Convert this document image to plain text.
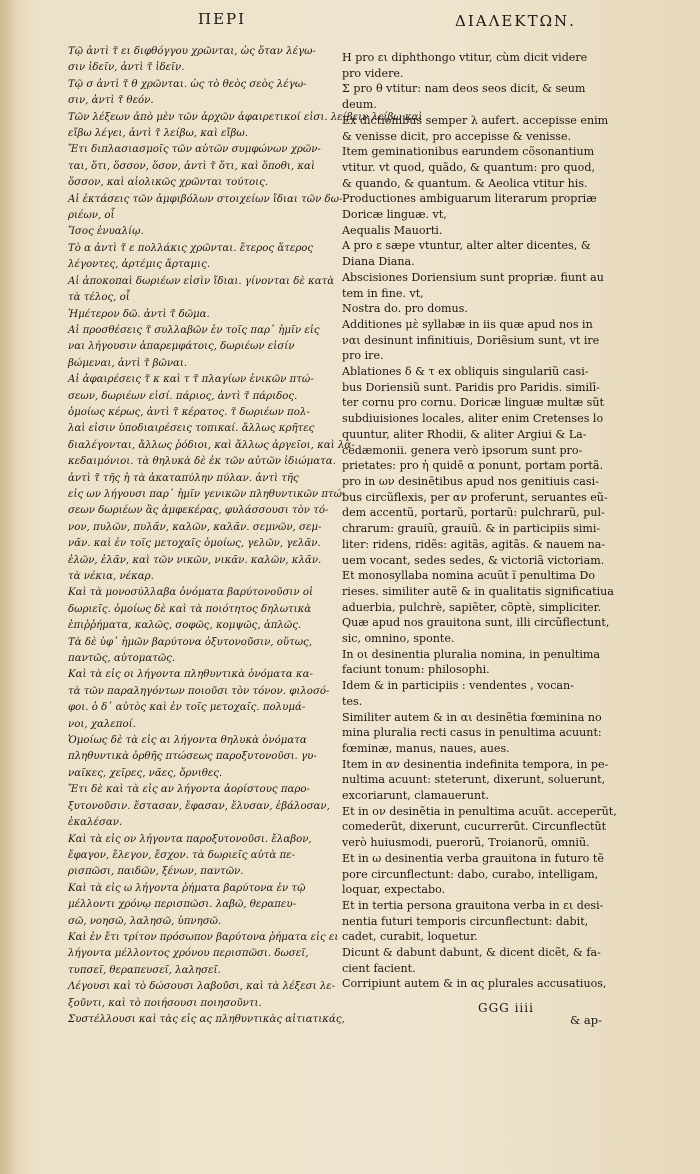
ΠΕΡΙ	ΔΙΑΛΕΚΤΩΝ.
Τῷ ἀντὶ τ̃ ει διφθόγγου χρῶνται, ὡς ὅταν λέγω-
σιν ἰδεῖν, ἀντὶ τ̃ ἰδεῖν.
Τῷ σ ἀντὶ τ̃ θ χρῶνται. ὡς τὸ θεὸς σεὸς λέγω-
σιν, ἀντὶ τ̃ θεόν.
Τῶν λέξεων ἀπὸ μὲν τῶν ἀρχῶν ἀφαιρετικοί εἰσι. λείβειν λείβω καὶ
εἴβω λέγει, ἀντὶ τ̃ λείβω, καὶ εἴβω.
Ἔτι διπλασιασμοῖς τῶν αὐτῶν συμφώνων χρῶν-
ται, ὅτι, ὅσσον, ὅσον, ἀντὶ τ̃ ὅτι, καὶ ὅποθι, καὶ
ὅσσον, καὶ αἰολικῶς χρῶνται τούτοις.
Αἱ ἐκτάσεις τῶν ἀμφιβόλων στοιχείων ἴδιαι τῶν δω-
ριέων, οἷ
Ἴσος ἐνυαλίῳ.
Τὸ α ἀντὶ τ̃ ε πολλάκις χρῶνται. ἕτερος ἅτερος
λέγοντες, ἀρτέμις ἄρταμις.
Αἱ ἀποκοπαὶ δωριέων εἰσὶν ἴδιαι. γίνονται δὲ κατὰ
τὰ τέλος, οἷ
Ἡμέτερον δῶ. ἀντὶ τ̃ δῶμα.
Αἱ προσθέσεις τ̃ συλλαβῶν ἐν τοῖς παρ᾿ ἡμῖν εἰς
ναι λήγουσιν ἀπαρεμφάτοις, δωριέων εἰσίν
βώμεναι, ἀντὶ τ̃ βῶναι.
Αἱ ἀφαιρέσεις τ̃ κ καὶ τ τ̃ πλαγίων ἑνικῶν πτώ-
σεων, δωριέων εἰσί. πάριος, ἀντὶ τ̃ πάριδος.
ὁμοίως κέρως, ἀντὶ τ̃ κέρατος. τ̃ δωριέων πολ-
λαὶ εἰσιν ὑποδιαιρέσεις τοπικαί. ἄλλως κρῆτες
διαλέγονται, ἄλλως ῥόδιοι, καὶ ἄλλως ἀργεῖοι, καὶ λα-
κεδαιμόνιοι. τὰ θηλυκὰ δὲ ἐκ τῶν αὐτῶν ἰδιώματα.
ἀντὶ τ̃ τῆς ἡ τὰ ἀκαταπύλην πύλαν. ἀντὶ τῆς
εἰς ων λήγουσι παρ᾿ ἡμῖν γενικῶν πληθυντικῶν πτώ-
σεων δωριέων ἂς ἀμφεκέρας, φυλάσσουσι τὸν τό-
νον, πυλῶν, πυλᾶν, καλῶν, καλᾶν. σεμνῶν, σεμ-
νᾶν. καὶ ἐν τοῖς μετοχαῖς ὁμοίως, γελῶν, γελᾶν.
ἐλῶν, ἐλᾶν, καὶ τῶν νικῶν, νικᾶν. καλῶν, κλᾶν.
τὰ νέκια, νέκαρ.
Καὶ τὰ μονοσύλλαβα ὀνόματα βαρύτονοῦσιν οἱ
δωριεῖς. ὁμοίως δὲ καὶ τὰ ποιότητος δηλωτικὰ
ἐπιῤῥήματα, καλῶς, σοφῶς, κομψῶς, ἁπλῶς.
Τὰ δὲ ὑφ᾿ ἡμῶν βαρύτονα ὀξυτονοῦσιν, οὕτως,
παντῶς, αὐτοματῶς.
Καὶ τὰ εἰς οι λήγοντα πληθυντικὰ ὀνόματα κα-
τὰ τῶν παραληγόντων ποιοῦσι τὸν τόνον. φιλοσό-
φοι. ὁ δ᾿ αὐτὸς καὶ ἐν τοῖς μετοχαῖς. πολυμά-
νοι, χαλεποί.
Ὁμοίως δὲ τὰ εἰς αι λήγοντα θηλυκὰ ὀνόματα
πληθυντικὰ ὀρθῆς πτώσεως παροξυτονοῦσι. γυ-
ναῖκες, χεῖρες, νᾶες, ὄρνιθες.
Ἔτι δὲ καὶ τὰ εἰς αν λήγοντα ἀορίστους παρο-
ξυτονοῦσιν. ἔστασαν, ἔφασαν, ἔλυσαν, ἐβάλοσαν,
ἐκαλέσαν.
Καὶ τὰ εἰς ον λήγοντα παροξυτονοῦσι. ἔλαβον,
ἔφαγον, ἔλεγον, ἔσχον. τὰ δωριεῖς αὐτὰ πε-
ρισπῶσι, παιδῶν, ξένων, παντῶν.
Καὶ τὰ εἰς ω λήγοντα ῥήματα βαρύτονα ἐν τῷ
μέλλοντι χρόνῳ περισπῶσι. λαβῶ, θεραπευ-
σῶ, νοησῶ, λαλησῶ, ὑπνησῶ.
Καὶ ἐν ἔτι τρίτον πρόσωπον βαρύτονα ῥήματα εἰς ει
λήγοντα μέλλοντος χρόνου περισπῶσι. δωσεῖ,
τυπσεῖ, θεραπευσεῖ, λαλησεῖ.
Λέγουσι καὶ τὸ δώσουσι λαβοῦσι, καὶ τὰ λέξεσι λε-
ξοῦντι, καὶ τὸ ποιήσουσι ποιησοῦντι.
Συστέλλουσι καὶ τὰς εἰς ας πληθυντικὰς αἰτιατικάς,
H pro ει diphthongo vtitur, cùm dicit videre
pro videre.
Σ pro θ vtitur: nam deos seos dicit, & seum
deum.
Ex dictionibus semper λ aufert. accepisse enim
& venisse dicit, pro accepisse & venisse.
Item geminationibus earundem cõsonantium
vtitur. vt quod, quãdo, & quantum: pro quod,
& quando, & quantum. & Aeolica vtitur his.
Productiones ambiguarum literarum propriæ
Doricæ linguæ. vt,
Aequalis Mauorti.
A pro ε sæpe vtuntur, alter alter dicentes, &
Diana Diana.
Abscisiones Doriensium sunt propriæ. fiunt au
tem in fine. vt,
Nostra do. pro domus.
Additiones μὲ syllabæ in iis quæ apud nos in
ναι desinunt infinitiuis, Doriẽsium sunt, vt ire
pro ire.
Ablationes δ & τ ex obliquis singulariũ casi-
bus Doriensiũ sunt. Paridis pro Paridis. similī-
ter cornu pro cornu. Doricæ linguæ multæ sũt
subdiuisiones locales, aliter enim Cretenses lo
quuntur, aliter Rhodii, & aliter Argiui & La-
cedæmonii. genera verò ipsorum sunt pro-
prietates: pro ἡ quidē α ponunt, portam portã.
pro in ων desinētibus apud nos genitiuis casi-
bus circũflexis, per αν proferunt, seruantes eũ-
dem accentũ, portarũ, portarũ: pulchrarũ, pul-
chrarum: grauiũ, grauiũ. & in participiis simi-
liter: ridens, ridẽs: agitãs, agitãs. & nauem na-
uem vocant, sedes sedes, & victoriã victoriam.
Et monosyllaba nomina acuũt ĩ penultima Do
rieses. similiter autẽ & in qualitatis significatiua
aduerbia, pulchrè, sapiẽter, cõptè, simpliciter.
Quæ apud nos grauitona sunt, illi circũflectunt,
sic, omnino, sponte.
In οι desinentia pluralia nomina, in penultima
faciunt tonum: philosophi.
Idem & in participiis : vendentes , vocan-
tes.
Similiter autem & in αι desinẽtia fœminina no
mina pluralia recti casus in penultima acuunt:
fœminæ, manus, naues, aues.
Item in αν desinentia indefinita tempora, in pe-
nultima acuunt: steterunt, dixerunt, soluerunt,
excoriarunt, clamauerunt.
Et in ον desinẽtia in penultima acuũt. acceperũt,
comederũt, dixerunt, cucurrerũt. Circunflectũt
verò huiusmodi, puerorũ, Troianorũ, omniũ.
Et in ω desinentia verba grauitona in futuro tẽ
pore circunflectunt: dabo, curabo, intelligam,
loquar, expectabo.
Et in tertia persona grauitona verba in ει desi-
nentia futuri temporis circunflectunt: dabit,
cadet, curabit, loquetur.
Dicunt & dabunt dabunt, & dicent dicẽt, & fa-
cient facient.
Corripiunt autem & in ας plurales accusatiuos,
GGG iiii
& ap-
